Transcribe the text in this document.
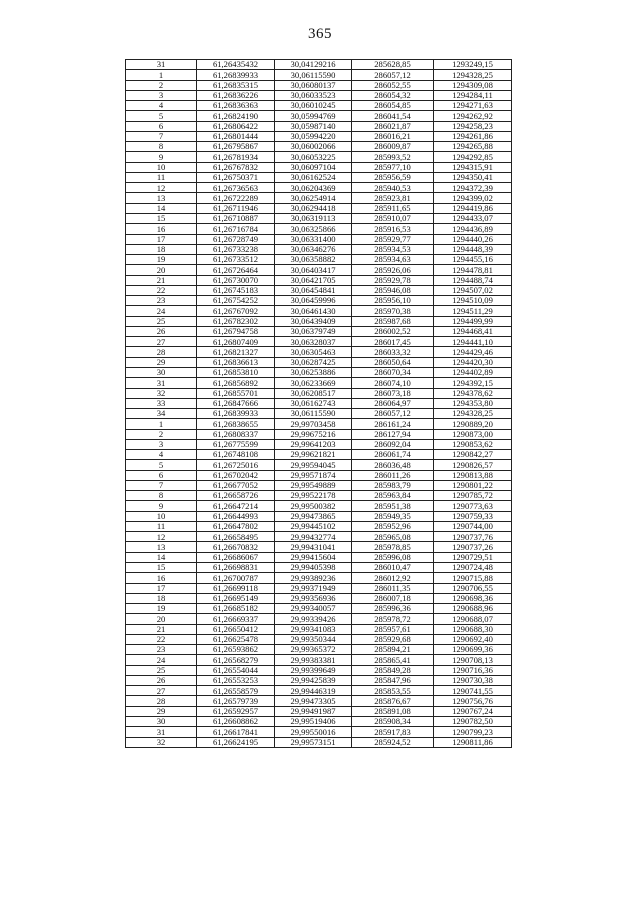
365
31	61,26435432	30,04129216	285628,85	1293249,15
1	61,26839933	30,06115590	286057,12	1294328,25
2	61,26835315	30,06080137	286052,55	1294309,08
3	61,26836226	30,06033523	286054,32	1294284,11
4	61,26836363	30,06010245	286054,85	1294271,63
5	61,26824190	30,05994769	286041,54	1294262,92
6	61,26806422	30,05987140	286021,87	1294258,23
7	61,26801444	30,05994220	286016,21	1294261,86
8	61,26795867	30,06002066	286009,87	1294265,88
9	61,26781934	30,06053225	285993,52	1294292,85
10	61,26767832	30,06097104	285977,10	1294315,91
11	61,26750371	30,06162524	285956,59	1294350,41
12	61,26736563	30,06204369	285940,53	1294372,39
13	61,26722289	30,06254914	285923,81	1294399,02
14	61,26711946	30,06294418	285911,65	1294419,86
15	61,26710887	30,06319113	285910,07	1294433,07
16	61,26716784	30,06325866	285916,53	1294436,89
17	61,26728749	30,06331400	285929,77	1294440,26
18	61,26733238	30,06346276	285934,53	1294448,39
19	61,26733512	30,06358882	285934,63	1294455,16
20	61,26726464	30,06403417	285926,06	1294478,81
21	61,26730070	30,06421705	285929,78	1294488,74
22	61,26745183	30,06454841	285946,08	1294507,02
23	61,26754252	30,06459996	285956,10	1294510,09
24	61,26767092	30,06461430	285970,38	1294511,29
25	61,26782302	30,06439409	285987,68	1294499,99
26	61,26794758	30,06379749	286002,52	1294468,41
27	61,26807409	30,06328037	286017,45	1294441,10
28	61,26821327	30,06305463	286033,32	1294429,46
29	61,26836613	30,06287425	286050,64	1294420,30
30	61,26853810	30,06253886	286070,34	1294402,89
31	61,26856892	30,06233669	286074,10	1294392,15
32	61,26855701	30,06208517	286073,18	1294378,62
33	61,26847666	30,06162743	286064,97	1294353,80
34	61,26839933	30,06115590	286057,12	1294328,25
1	61,26838655	29,99703458	286161,24	1290889,20
2	61,26808337	29,99675216	286127,94	1290873,00
3	61,26775599	29,99641203	286092,04	1290853,62
4	61,26748108	29,99621821	286061,74	1290842,27
5	61,26725016	29,99594045	286036,48	1290826,57
6	61,26702042	29,99571874	286011,26	1290813,88
7	61,26677052	29,99549889	285983,79	1290801,22
8	61,26658726	29,99522178	285963,84	1290785,72
9	61,26647214	29,99500382	285951,38	1290773,63
10	61,26644993	29,99473865	285949,35	1290759,33
11	61,26647802	29,99445102	285952,96	1290744,00
12	61,26658495	29,99432774	285965,08	1290737,76
13	61,26670832	29,99431041	285978,85	1290737,26
14	61,26686067	29,99415604	285996,08	1290729,51
15	61,26698831	29,99405398	286010,47	1290724,48
16	61,26700787	29,99389236	286012,92	1290715,88
17	61,26699118	29,99371949	286011,35	1290706,55
18	61,26695149	29,99356936	286007,18	1290698,36
19	61,26685182	29,99340057	285996,36	1290688,96
20	61,26669337	29,99339426	285978,72	1290688,07
21	61,26650412	29,99341083	285957,61	1290688,30
22	61,26625478	29,99350344	285929,68	1290692,40
23	61,26593862	29,99365372	285894,21	1290699,36
24	61,26568279	29,99383381	285865,41	1290708,13
25	61,26554044	29,99399649	285849,28	1290716,36
26	61,26553253	29,99425839	285847,96	1290730,38
27	61,26558579	29,99446319	285853,55	1290741,55
28	61,26579739	29,99473305	285876,67	1290756,76
29	61,26592957	29,99491987	285891,08	1290767,24
30	61,26608862	29,99519406	285908,34	1290782,50
31	61,26617841	29,99550016	285917,83	1290799,23
32	61,26624195	29,99573151	285924,52	1290811,86
